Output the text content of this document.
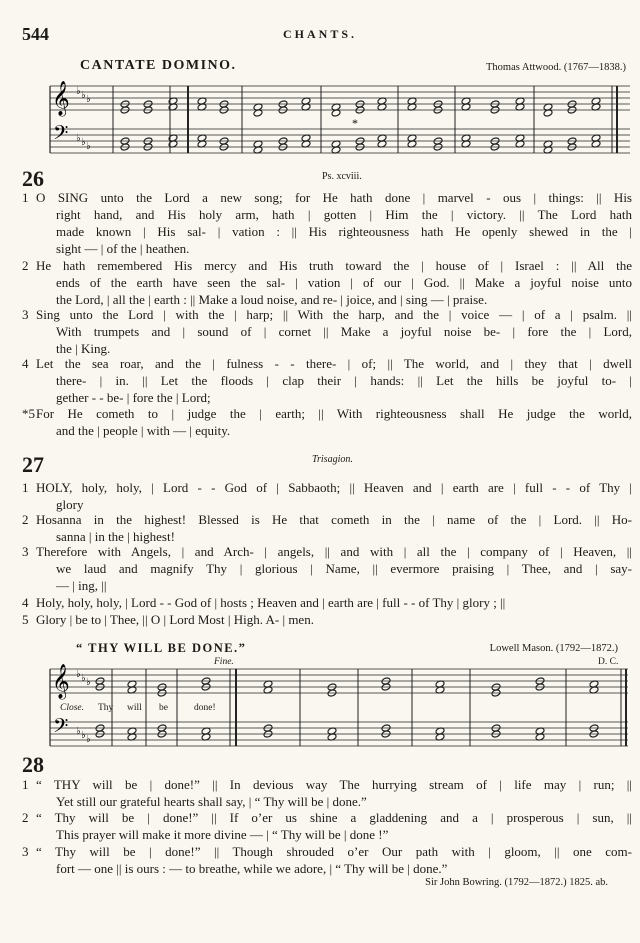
544	CHANTS.
CANTATE DOMINO.	Thomas Attwood. (1767—1838.)
𝄞
𝄢
♭
♭
♭
♭
♭
♭
*
Ps. xcviii.
26
1 O SING unto the Lord a new song; for He hath done | marvel - ous | things: || His
right hand, and His holy arm, hath | gotten | Him the | victory. || The Lord hath
made known | His sal- | vation : || His righteousness hath He openly shewed in the |
sight — | of the | heathen.
2 He hath remembered His mercy and His truth toward the | house of | Israel : || All the
ends of the earth have seen the sal- | vation | of our | God. || Make a joyful noise unto
the Lord, | all the | earth : || Make a loud noise, and re- | joice, and | sing — | praise.
3 Sing unto the Lord | with the | harp; || With the harp, and the | voice — | of a | psalm. ||
With trumpets and | sound of | cornet || Make a joyful noise be- | fore the | Lord,
the | King.
4 Let the sea roar, and the | fulness - - there- | of; || The world, and | they that | dwell
there- | in. || Let the floods | clap their | hands: || Let the hills be joyful to- |
gether - - be- | fore the | Lord;
*5 For He cometh to | judge the | earth; || With righteousness shall He judge the world,
and the | people | with — | equity.
27	Trisagion.
1 HOLY, holy, holy, | Lord - - God of | Sabbaoth; || Heaven and | earth are | full - - of Thy |
glory
2 Hosanna in the highest! Blessed is He that cometh in the | name of the | Lord. || Ho-
sanna | in the | highest!
3 Therefore with Angels, | and Arch- | angels, || and with | all the | company of | Heaven, ||
we laud and magnify Thy | glorious | Name, || evermore praising | Thee, and | say-
— | ing, ||
4 Holy, holy, holy, | Lord - - God of | hosts ; Heaven and | earth are | full - - of Thy | glory ; ||
5 Glory | be to | Thee, || O | Lord Most | High. A- | men.
“ THY WILL BE DONE.”	Lowell Mason. (1792—1872.)
Fine.	D. C.
𝄞
𝄢
♭
♭
♭
♭
♭
♭
Close. Thy will be	done!
28
1 “ THY will be | done!” || In devious way The hurrying stream of | life may | run; ||
Yet still our grateful hearts shall say, | “ Thy will be | done.”
2 “ Thy will be | done!” || If o’er us shine a gladdening and a | prosperous | sun, ||
This prayer will make it more divine — | “ Thy will be | done !”
3 “ Thy will be | done!” || Though shrouded o’er Our path with | gloom, || one com-
fort — one || is ours : — to breathe, while we adore, | “ Thy will be | done.”
Sir John Bowring. (1792—1872.) 1825. ab.
